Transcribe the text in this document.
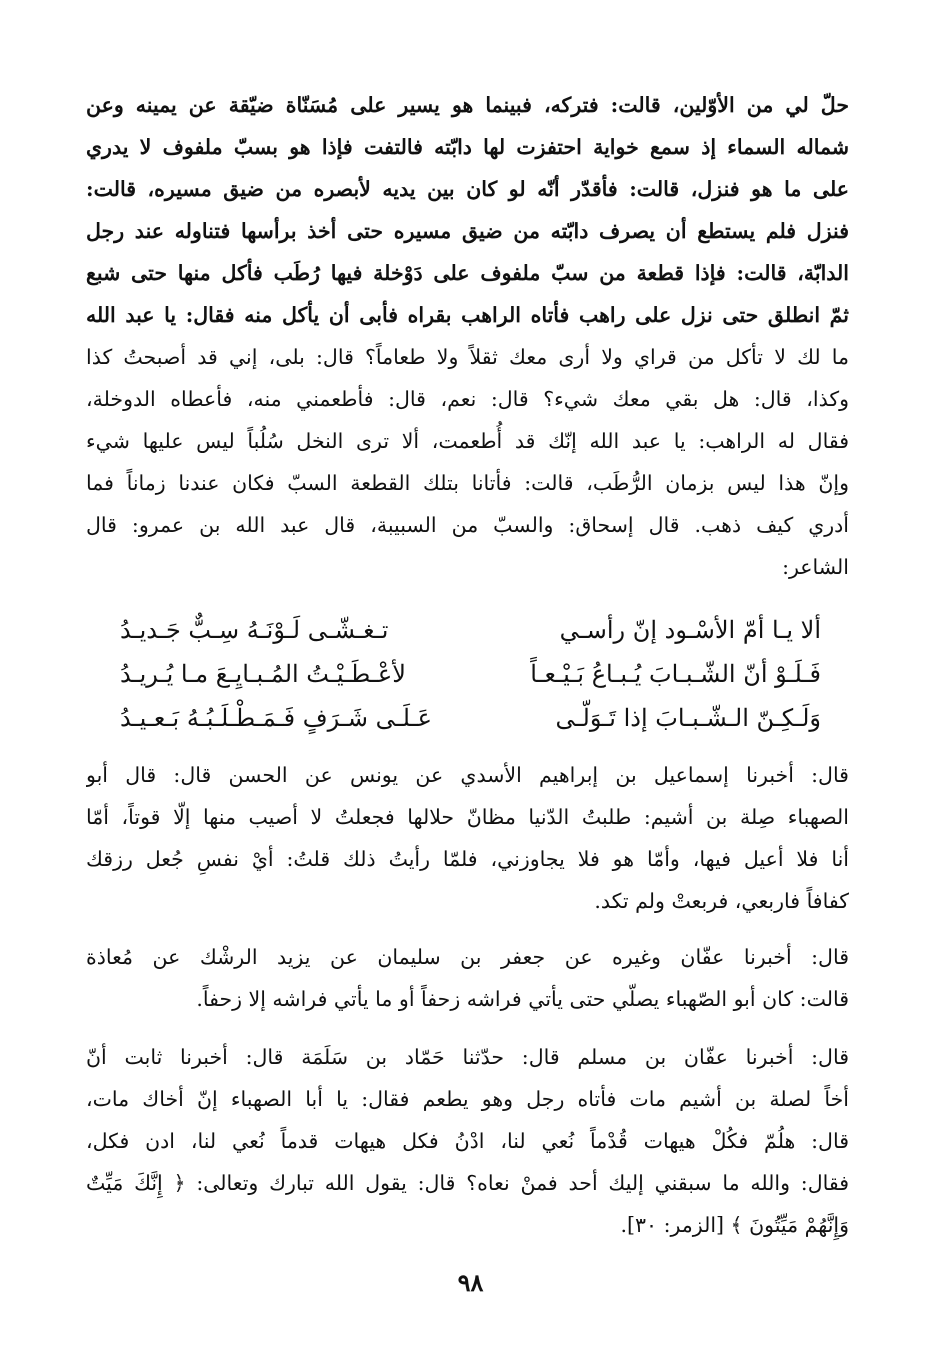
حلّ لي من الأوّلين، قالت: فتركه، فبينما هو يسير على مُسَنّاة ضيّقة عن يمينه وعن
شماله السماء إذ سمع خواية احتفزت لها دابّته فالتفت فإذا هو بسبّ ملفوف لا يدري
على ما هو فنزل، قالت: فأقدّر أنّه لو كان بين يديه لأبصره من ضيق مسيره، قالت:
فنزل فلم يستطع أن يصرف دابّته من ضيق مسيره حتى أخذ برأسها فتناوله عند رجل
الدابّة، قالت: فإذا قطعة من سبّ ملفوف على دَوْخلة فيها رُطَب فأكل منها حتى شبع
ثمّ انطلق حتى نزل على راهب فأتاه الراهب بقراه فأبى أن يأكل منه فقال: يا عبد الله
ما لك لا تأكل من قراي ولا أرى معك ثقلاً ولا طعاماً؟ قال: بلى، إني قد أصبحتُ كذا
وكذا، قال: هل بقي معك شيء؟ قال: نعم، قال: فأطعمني منه، فأعطاه الدوخلة،
فقال له الراهب: يا عبد الله إنّك قد أُطعمت، ألا ترى النخل سُلُباً ليس عليها شيء
وإنّ هذا ليس بزمان الرُّطَب، قالت: فأتانا بتلك القطعة السبّ فكان عندنا زماناً فما
أدري كيف ذهب. قال إسحاق: والسبّ من السبيبة، قال عبد الله بن عمرو: قال
الشاعر:
ألا يـا أمّ الأسْـود إنّ رأسـي
تـغـشّـى لَـوْنَـهُ سِـبٌّ جَـديـدُ
فَـلَـوْ أنّ الشّـبـابَ يُـبـاعُ بَـيْـعـاً
لأعْـطَـيْـتُ المُـبـايِـعَ مـا يُـريـدُ
وَلَـكِـنّ الـشّـبـابَ إذا تَـوَلّـى
عَـلَـى شَـرَفٍ فَـمَـطْـلَـبُـهُ بَـعـيـدُ
قال: أخبرنا إسماعيل بن إبراهيم الأسدي عن يونس عن الحسن قال: قال أبو
الصهباء صِلة بن أشيم: طلبتُ الدّنيا مظانّ حلالها فجعلتُ لا أصيب منها إلّا قوتاً، أمّا
أنا فلا أعيل فيها، وأمّا هو فلا يجاوزني، فلمّا رأيتُ ذلك قلتُ: أيْ نفسِ جُعل رزقك
كفافاً فاربعي، فربعتْ ولم تكد.
قال: أخبرنا عفّان وغيره عن جعفر بن سليمان عن يزيد الرشْك عن مُعاذة
قالت: كان أبو الصّهباء يصلّي حتى يأتي فراشه زحفاً أو ما يأتي فراشه إلا زحفاً.
قال: أخبرنا عفّان بن مسلم قال: حدّثنا حَمّاد بن سَلَمَة قال: أخبرنا ثابت أنّ
أخاً لصلة بن أشيم مات فأتاه رجل وهو يطعم فقال: يا أبا الصهباء إنّ أخاك مات،
قال: هلُمّ فكُلْ هيهات قُدْماً نُعي لنا، ادْنُ فكل هيهات قدماً نُعي لنا، ادن فكل،
فقال: والله ما سبقني إليك أحد فمنْ نعاه؟ قال: يقول الله تبارك وتعالى: ﴿ إِنَّكَ مَيِّتٌ
وَإِنَّهُمْ مَيِّتُونَ ﴾ [الزمر: ٣٠].
٩٨
